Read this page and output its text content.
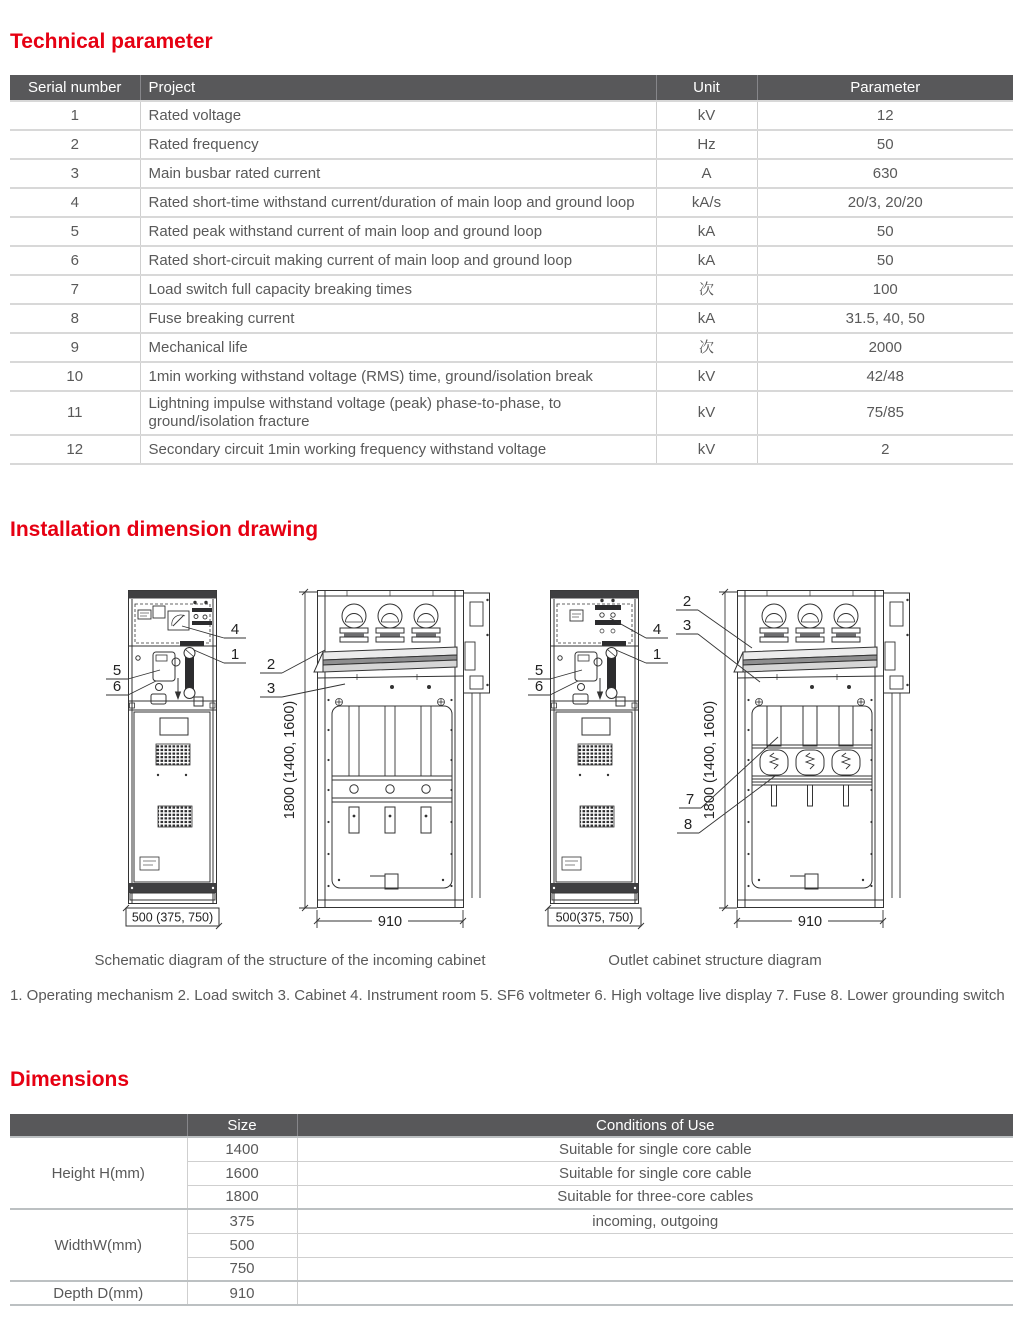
Technical parameter
Serial number	Project	Unit	Parameter
1	Rated voltage	kV	12
2	Rated frequency	Hz	50
3	Main busbar rated current	A	630
4	Rated short-time withstand current/duration of main loop and ground loop	kA/s	20/3, 20/20
5	Rated peak withstand current of main loop and ground loop	kA	50
6	Rated short-circuit making current of main loop and ground loop	kA	50
7	Load switch full capacity breaking times	次	100
8	Fuse breaking current	kA	31.5, 40, 50
9	Mechanical life	次	2000
10	1min working withstand voltage (RMS) time, ground/isolation break	kV	42/48
11	Lightning impulse withstand voltage (peak) phase-to-phase, to ground/isolation fracture	kV	75/85
12	Secondary circuit 1min working frequency withstand voltage	kV	2
Installation dimension drawing
500 (375, 750)
4
1
5
6
1800 (1400, 1600)
910
2
3
500(375, 750)
4
1
5
6
1800 (1400, 1600)
910
2
3
7
8
Schematic diagram of the structure of the incoming cabinet	Outlet cabinet structure diagram
1. Operating mechanism 2. Load switch 3. Cabinet 4. Instrument room 5. SF6 voltmeter 6. High voltage live display 7. Fuse 8. Lower grounding switch
Dimensions
	Size	Conditions of Use
Height H(mm)	1400	Suitable for single core cable
	1600	Suitable for single core cable
	1800	Suitable for three-core cables
WidthW(mm)	375	incoming, outgoing
	500	
	750	
Depth D(mm)	910	
